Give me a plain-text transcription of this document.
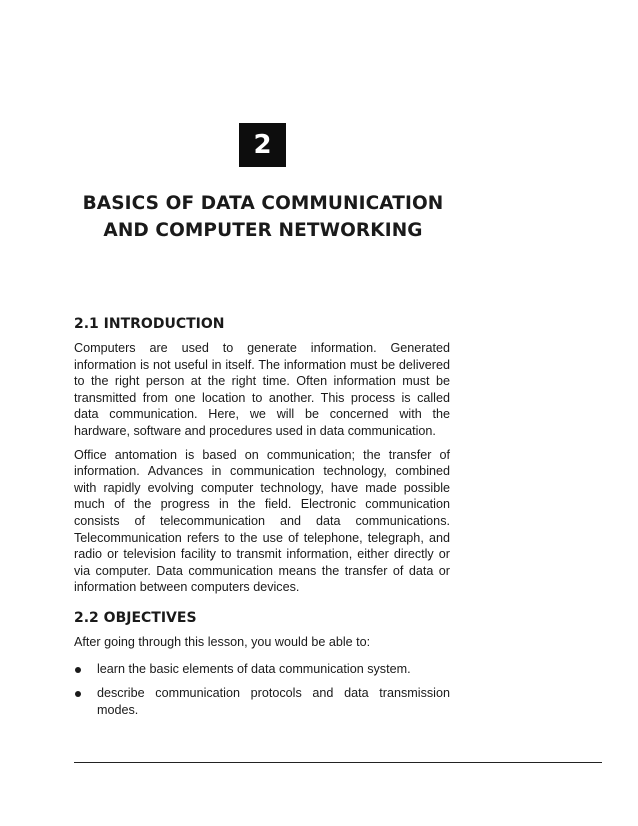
2
BASICS OF DATA COMMUNICATION
AND COMPUTER NETWORKING
2.1 INTRODUCTION

Computers are used to generate information. Generated information is not useful in itself. The information must be delivered to the right person at the right time. Often information must be transmitted from one location to another. This process is called data communication. Here, we will be concerned with the hardware, software and procedures used in data communication.

Office antomation is based on communication; the transfer of information. Advances in communication technology, combined with rapidly evolving computer technology, have made possible much of the progress in the field. Electronic communication consists of telecommunication and data communications. Telecommunication refers to the use of telephone, telegraph, and radio or television facility to transmit information, either directly or via computer. Data communication means the transfer of data or information between computers devices.

2.2 OBJECTIVES

After going through this lesson, you would be able to:

learn the basic elements of data communication system.
describe communication protocols and data transmission modes.
